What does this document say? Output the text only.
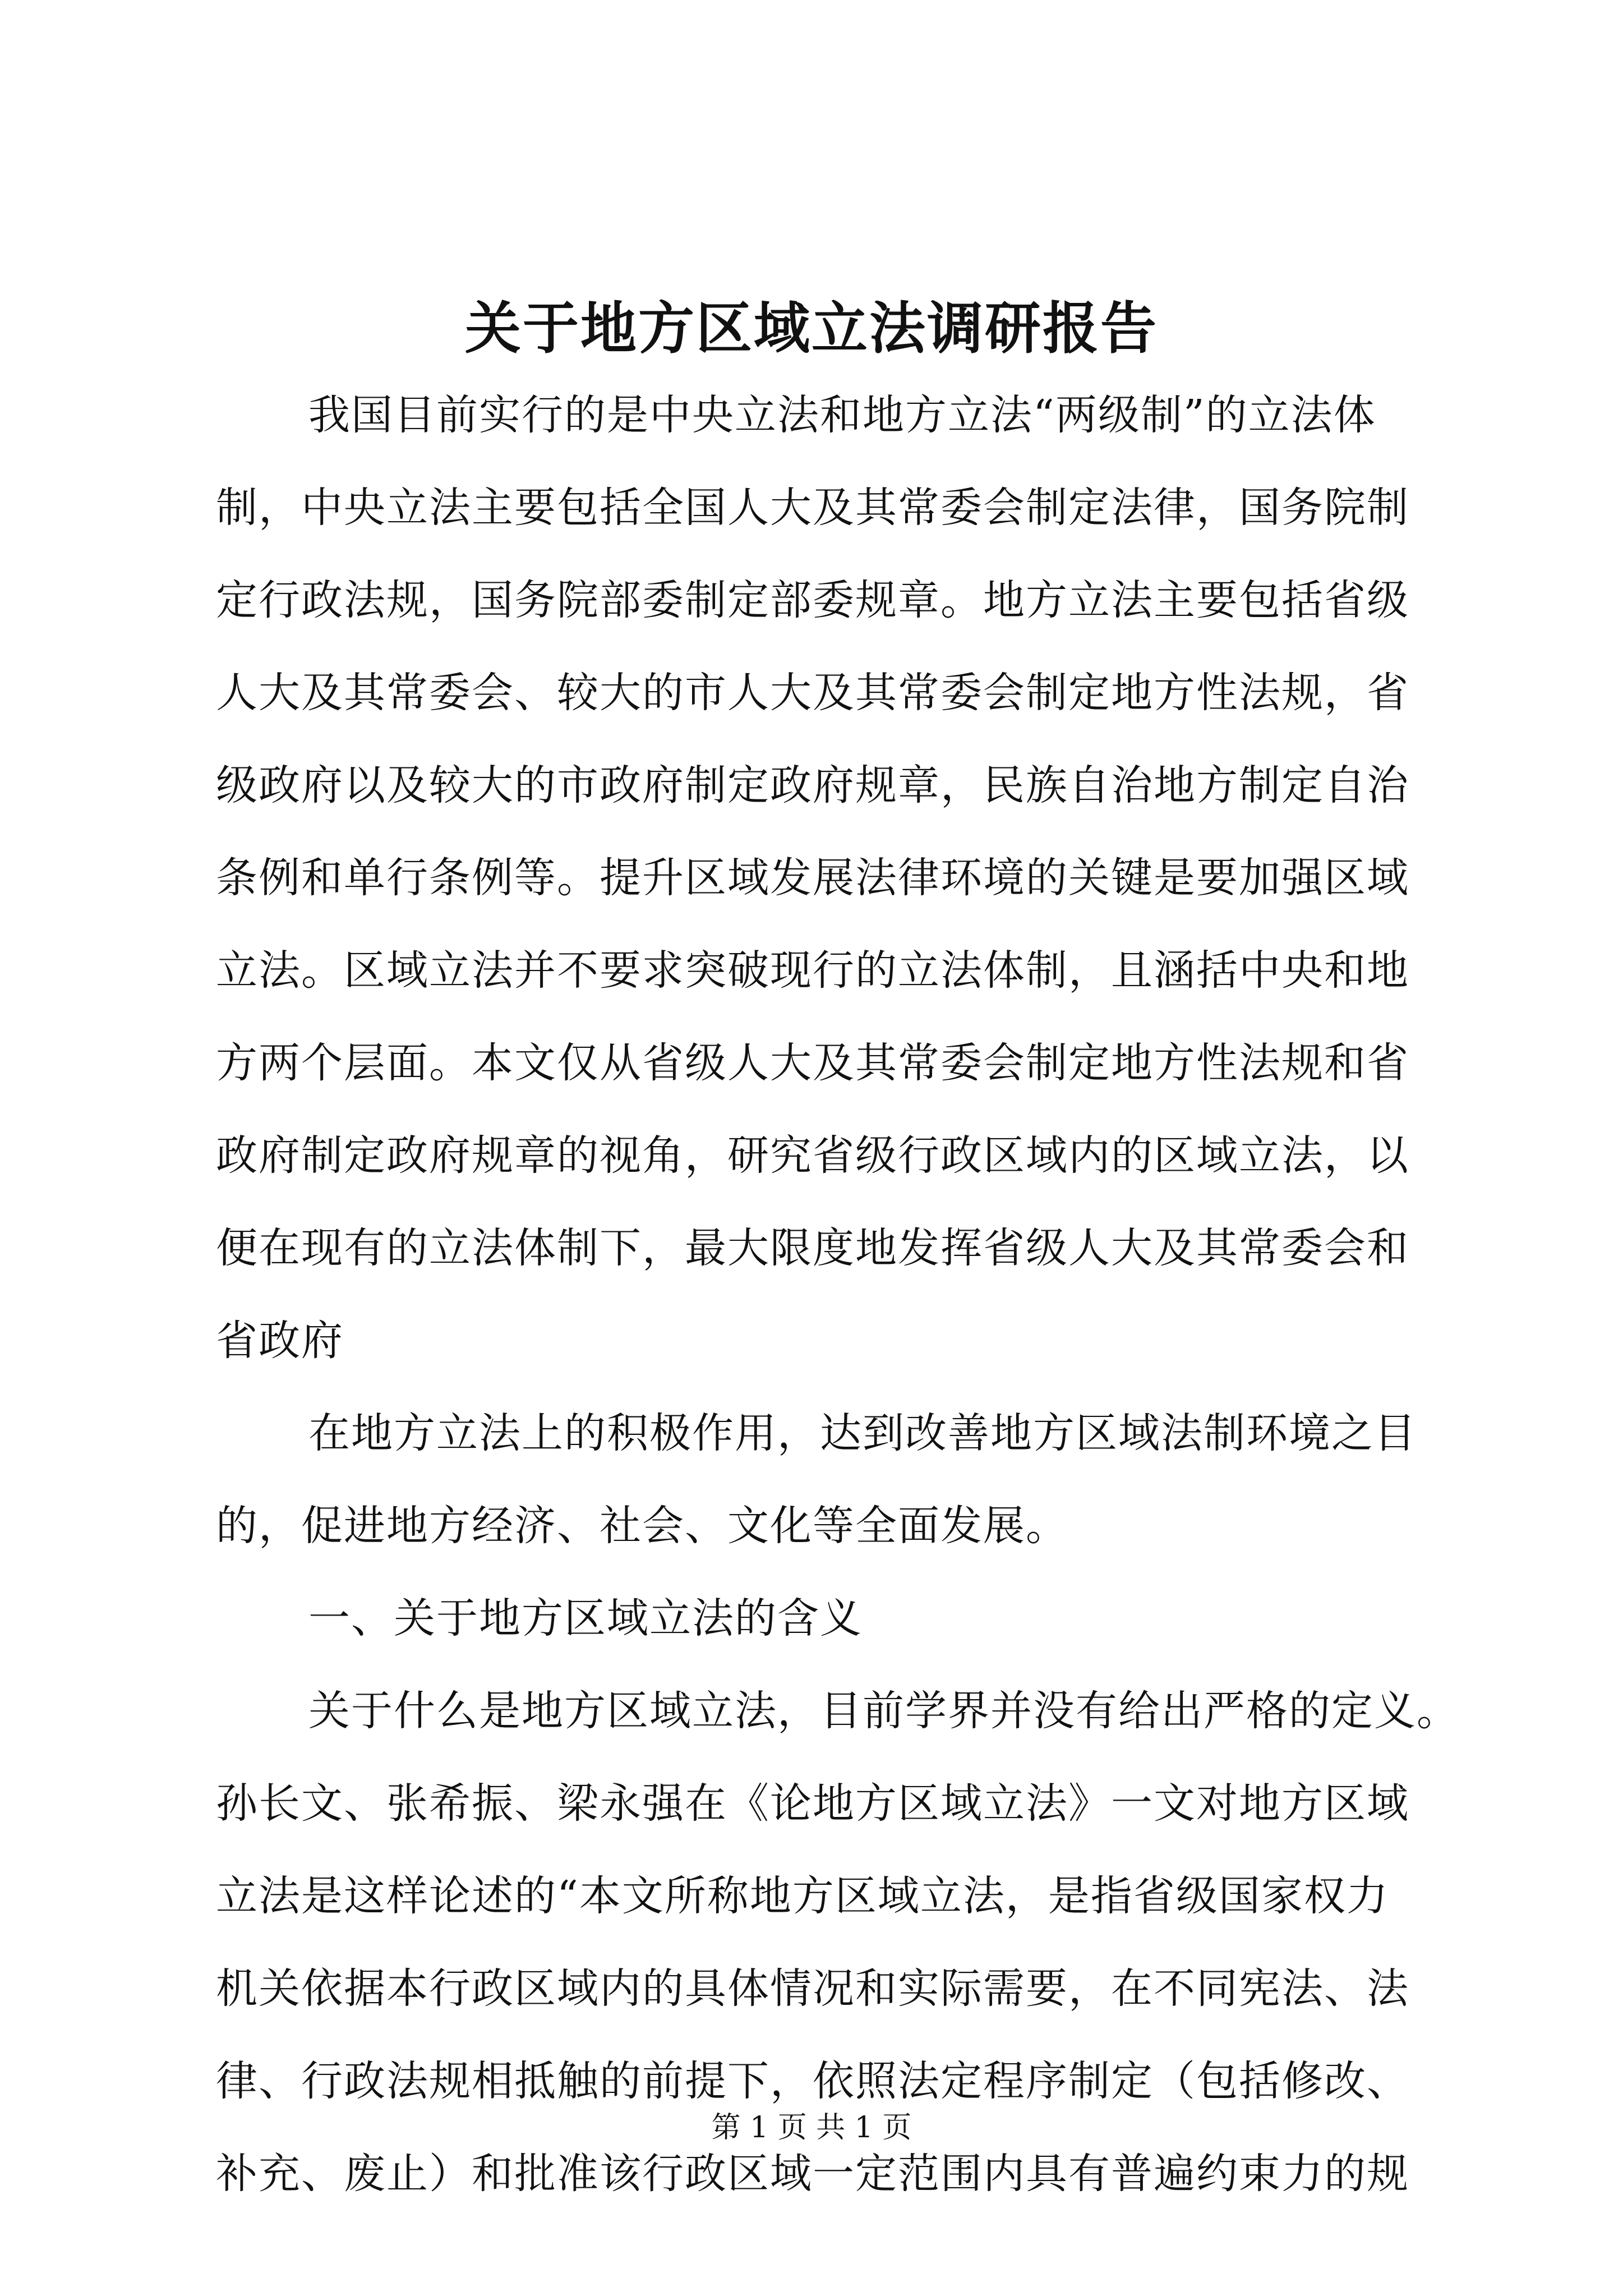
关于地方区域立法调研报告
我国目前实行的是中央立法和地方立法“两级制”的立法体
制，中央立法主要包括全国人大及其常委会制定法律，国务院制
定行政法规，国务院部委制定部委规章。地方立法主要包括省级
人大及其常委会、较大的市人大及其常委会制定地方性法规，省
级政府以及较大的市政府制定政府规章，民族自治地方制定自治
条例和单行条例等。提升区域发展法律环境的关键是要加强区域
立法。区域立法并不要求突破现行的立法体制，且涵括中央和地
方两个层面。本文仅从省级人大及其常委会制定地方性法规和省
政府制定政府规章的视角，研究省级行政区域内的区域立法，以
便在现有的立法体制下，最大限度地发挥省级人大及其常委会和
省政府
在地方立法上的积极作用，达到改善地方区域法制环境之目
的，促进地方经济、社会、文化等全面发展。
一、关于地方区域立法的含义
关于什么是地方区域立法，目前学界并没有给出严格的定义。
孙长文、张希振、梁永强在《论地方区域立法》一文对地方区域
立法是这样论述的“本文所称地方区域立法，是指省级国家权力
机关依据本行政区域内的具体情况和实际需要，在不同宪法、法
律、行政法规相抵触的前提下，依照法定程序制定（包括修改、
补充、废止）和批准该行政区域一定范围内具有普遍约束力的规
第 1 页 共 1 页
